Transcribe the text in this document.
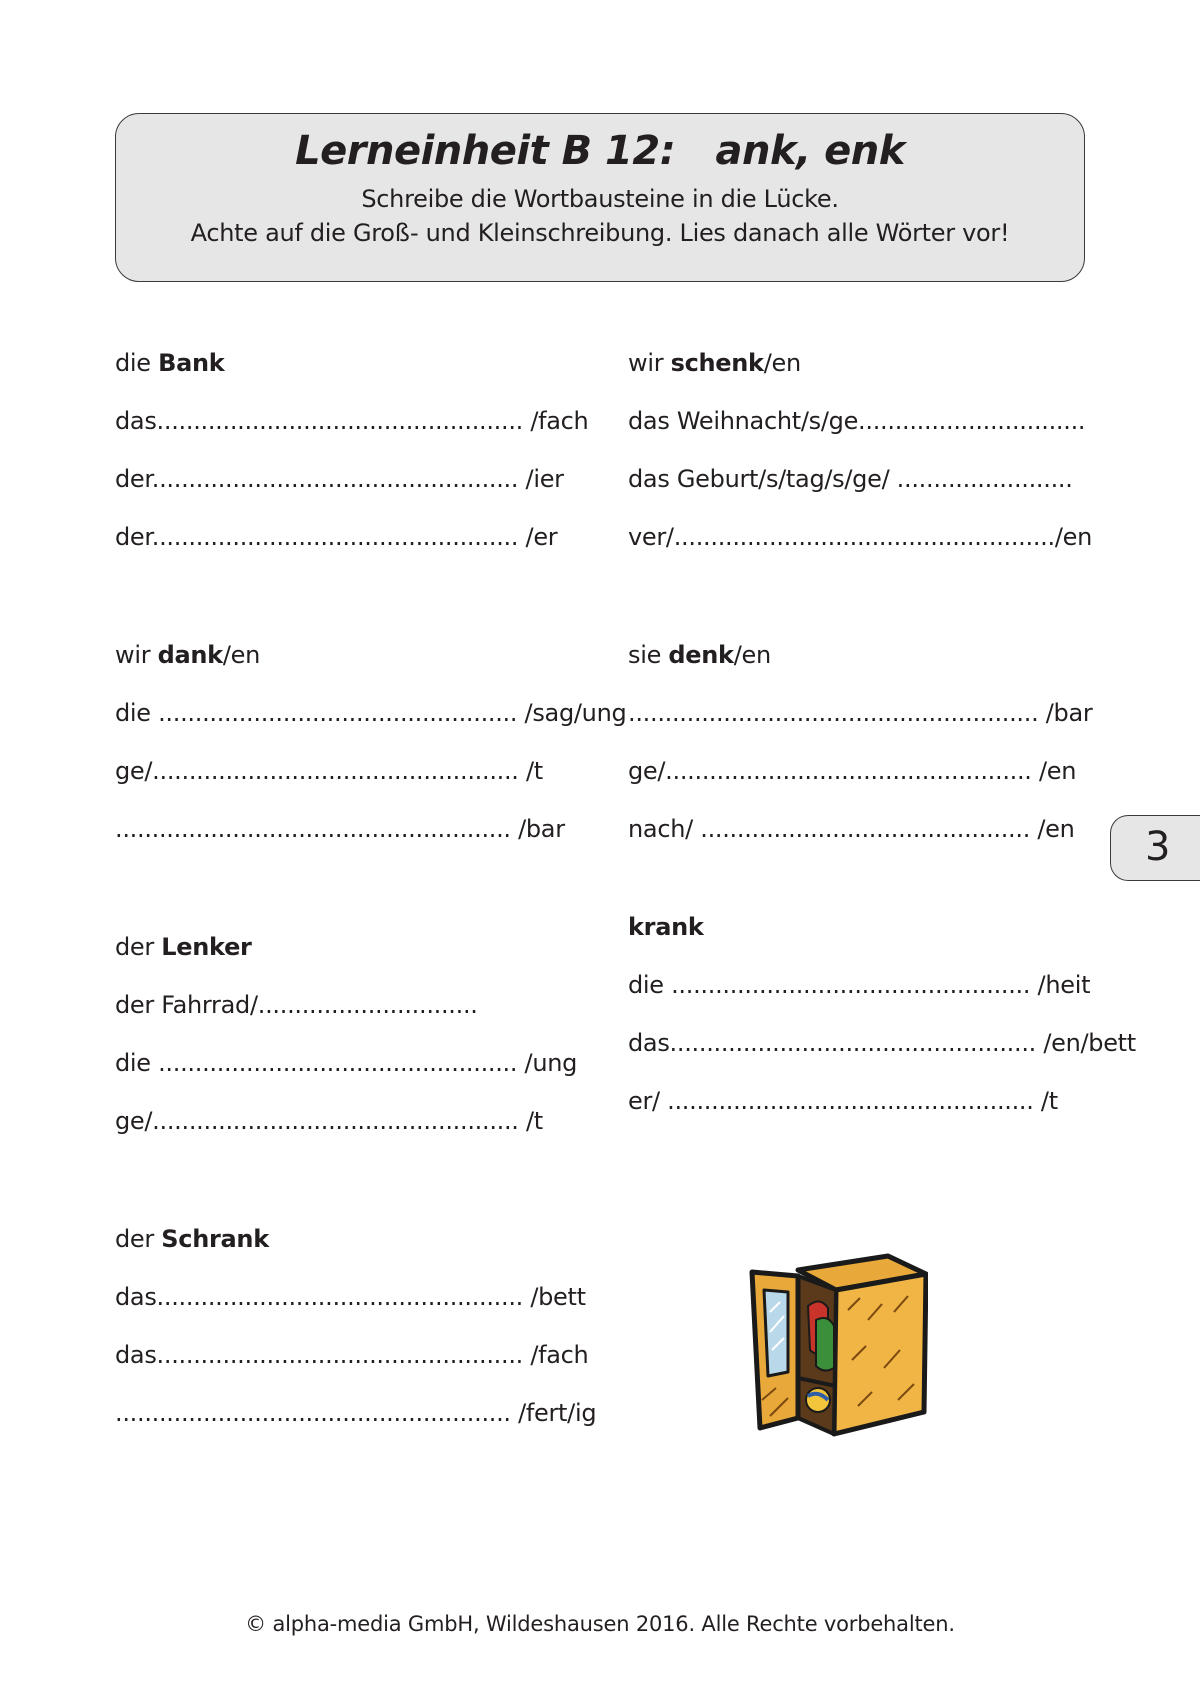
Lerneinheit B 12:   ank, enk
Schreibe die Wortbausteine in die Lücke.
Achte auf die Groß- und Kleinschreibung. Lies danach alle Wörter vor!
die Bank
das.................................................. /fach
der.................................................. /ier
der.................................................. /er
wir dank/en
die ................................................. /sag/ung
ge/.................................................. /t
...................................................... /bar
der Lenker
der Fahrrad/..............................
die ................................................. /ung
ge/.................................................. /t
der Schrank
das.................................................. /bett
das.................................................. /fach
...................................................... /fert/ig
wir schenk/en
das Weihnacht/s/ge...............................
das Geburt/s/tag/s/ge/ ........................
ver/..................................................../en
sie denk/en
........................................................ /bar
ge/.................................................. /en
nach/ ............................................. /en
krank
die ................................................. /heit
das.................................................. /en/bett
er/ .................................................. /t
3
© alpha-media GmbH, Wildeshausen 2016. Alle Rechte vorbehalten.
